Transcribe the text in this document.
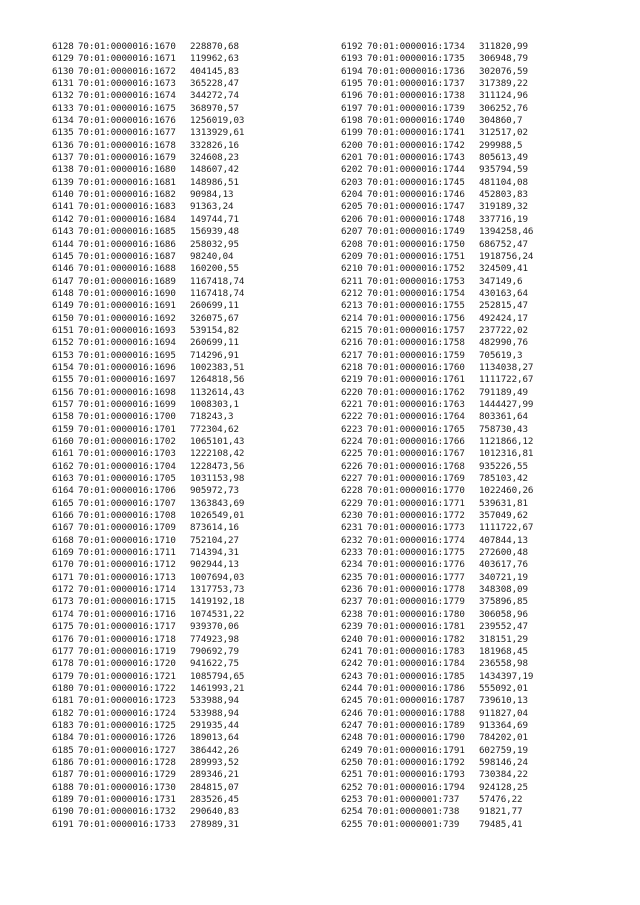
6128 70:01:0000016:1670	228870,68
6129 70:01:0000016:1671	119962,63
6130 70:01:0000016:1672	404145,83
6131 70:01:0000016:1673	365228,47
6132 70:01:0000016:1674	344272,74
6133 70:01:0000016:1675	368970,57
6134 70:01:0000016:1676	1256019,03
6135 70:01:0000016:1677	1313929,61
6136 70:01:0000016:1678	332826,16
6137 70:01:0000016:1679	324608,23
6138 70:01:0000016:1680	148607,42
6139 70:01:0000016:1681	148986,51
6140 70:01:0000016:1682	90984,13
6141 70:01:0000016:1683	91363,24
6142 70:01:0000016:1684	149744,71
6143 70:01:0000016:1685	156939,48
6144 70:01:0000016:1686	258032,95
6145 70:01:0000016:1687	98240,04
6146 70:01:0000016:1688	160200,55
6147 70:01:0000016:1689	1167418,74
6148 70:01:0000016:1690	1167418,74
6149 70:01:0000016:1691	260699,11
6150 70:01:0000016:1692	326075,67
6151 70:01:0000016:1693	539154,82
6152 70:01:0000016:1694	260699,11
6153 70:01:0000016:1695	714296,91
6154 70:01:0000016:1696	1002383,51
6155 70:01:0000016:1697	1264818,56
6156 70:01:0000016:1698	1132614,43
6157 70:01:0000016:1699	1008303,1
6158 70:01:0000016:1700	718243,3
6159 70:01:0000016:1701	772304,62
6160 70:01:0000016:1702	1065101,43
6161 70:01:0000016:1703	1222108,42
6162 70:01:0000016:1704	1228473,56
6163 70:01:0000016:1705	1031153,98
6164 70:01:0000016:1706	905972,73
6165 70:01:0000016:1707	1363843,69
6166 70:01:0000016:1708	1026549,01
6167 70:01:0000016:1709	873614,16
6168 70:01:0000016:1710	752104,27
6169 70:01:0000016:1711	714394,31
6170 70:01:0000016:1712	902944,13
6171 70:01:0000016:1713	1007694,03
6172 70:01:0000016:1714	1317753,73
6173 70:01:0000016:1715	1419192,18
6174 70:01:0000016:1716	1074531,22
6175 70:01:0000016:1717	939370,06
6176 70:01:0000016:1718	774923,98
6177 70:01:0000016:1719	790692,79
6178 70:01:0000016:1720	941622,75
6179 70:01:0000016:1721	1085794,65
6180 70:01:0000016:1722	1461993,21
6181 70:01:0000016:1723	533988,94
6182 70:01:0000016:1724	533988,94
6183 70:01:0000016:1725	291935,44
6184 70:01:0000016:1726	189013,64
6185 70:01:0000016:1727	386442,26
6186 70:01:0000016:1728	289993,52
6187 70:01:0000016:1729	289346,21
6188 70:01:0000016:1730	284815,07
6189 70:01:0000016:1731	283526,45
6190 70:01:0000016:1732	290640,83
6191 70:01:0000016:1733	278989,31
6192 70:01:0000016:1734	311820,99
6193 70:01:0000016:1735	306948,79
6194 70:01:0000016:1736	302076,59
6195 70:01:0000016:1737	317389,22
6196 70:01:0000016:1738	311124,96
6197 70:01:0000016:1739	306252,76
6198 70:01:0000016:1740	304860,7
6199 70:01:0000016:1741	312517,02
6200 70:01:0000016:1742	299988,5
6201 70:01:0000016:1743	805613,49
6202 70:01:0000016:1744	935794,59
6203 70:01:0000016:1745	481104,08
6204 70:01:0000016:1746	452803,83
6205 70:01:0000016:1747	319189,32
6206 70:01:0000016:1748	337716,19
6207 70:01:0000016:1749	1394258,46
6208 70:01:0000016:1750	686752,47
6209 70:01:0000016:1751	1918756,24
6210 70:01:0000016:1752	324509,41
6211 70:01:0000016:1753	347149,6
6212 70:01:0000016:1754	430163,64
6213 70:01:0000016:1755	252815,47
6214 70:01:0000016:1756	492424,17
6215 70:01:0000016:1757	237722,02
6216 70:01:0000016:1758	482990,76
6217 70:01:0000016:1759	705619,3
6218 70:01:0000016:1760	1134038,27
6219 70:01:0000016:1761	1111722,67
6220 70:01:0000016:1762	791189,49
6221 70:01:0000016:1763	1444427,99
6222 70:01:0000016:1764	803361,64
6223 70:01:0000016:1765	758730,43
6224 70:01:0000016:1766	1121866,12
6225 70:01:0000016:1767	1012316,81
6226 70:01:0000016:1768	935226,55
6227 70:01:0000016:1769	785103,42
6228 70:01:0000016:1770	1022460,26
6229 70:01:0000016:1771	539631,81
6230 70:01:0000016:1772	357049,62
6231 70:01:0000016:1773	1111722,67
6232 70:01:0000016:1774	407844,13
6233 70:01:0000016:1775	272600,48
6234 70:01:0000016:1776	403617,76
6235 70:01:0000016:1777	340721,19
6236 70:01:0000016:1778	348308,09
6237 70:01:0000016:1779	375896,85
6238 70:01:0000016:1780	306058,96
6239 70:01:0000016:1781	239552,47
6240 70:01:0000016:1782	318151,29
6241 70:01:0000016:1783	181968,45
6242 70:01:0000016:1784	236558,98
6243 70:01:0000016:1785	1434397,19
6244 70:01:0000016:1786	555092,01
6245 70:01:0000016:1787	739610,13
6246 70:01:0000016:1788	911827,04
6247 70:01:0000016:1789	913364,69
6248 70:01:0000016:1790	784202,01
6249 70:01:0000016:1791	602759,19
6250 70:01:0000016:1792	598146,24
6251 70:01:0000016:1793	730384,22
6252 70:01:0000016:1794	924128,25
6253 70:01:0000001:737	57476,22
6254 70:01:0000001:738	91821,77
6255 70:01:0000001:739	79485,41
